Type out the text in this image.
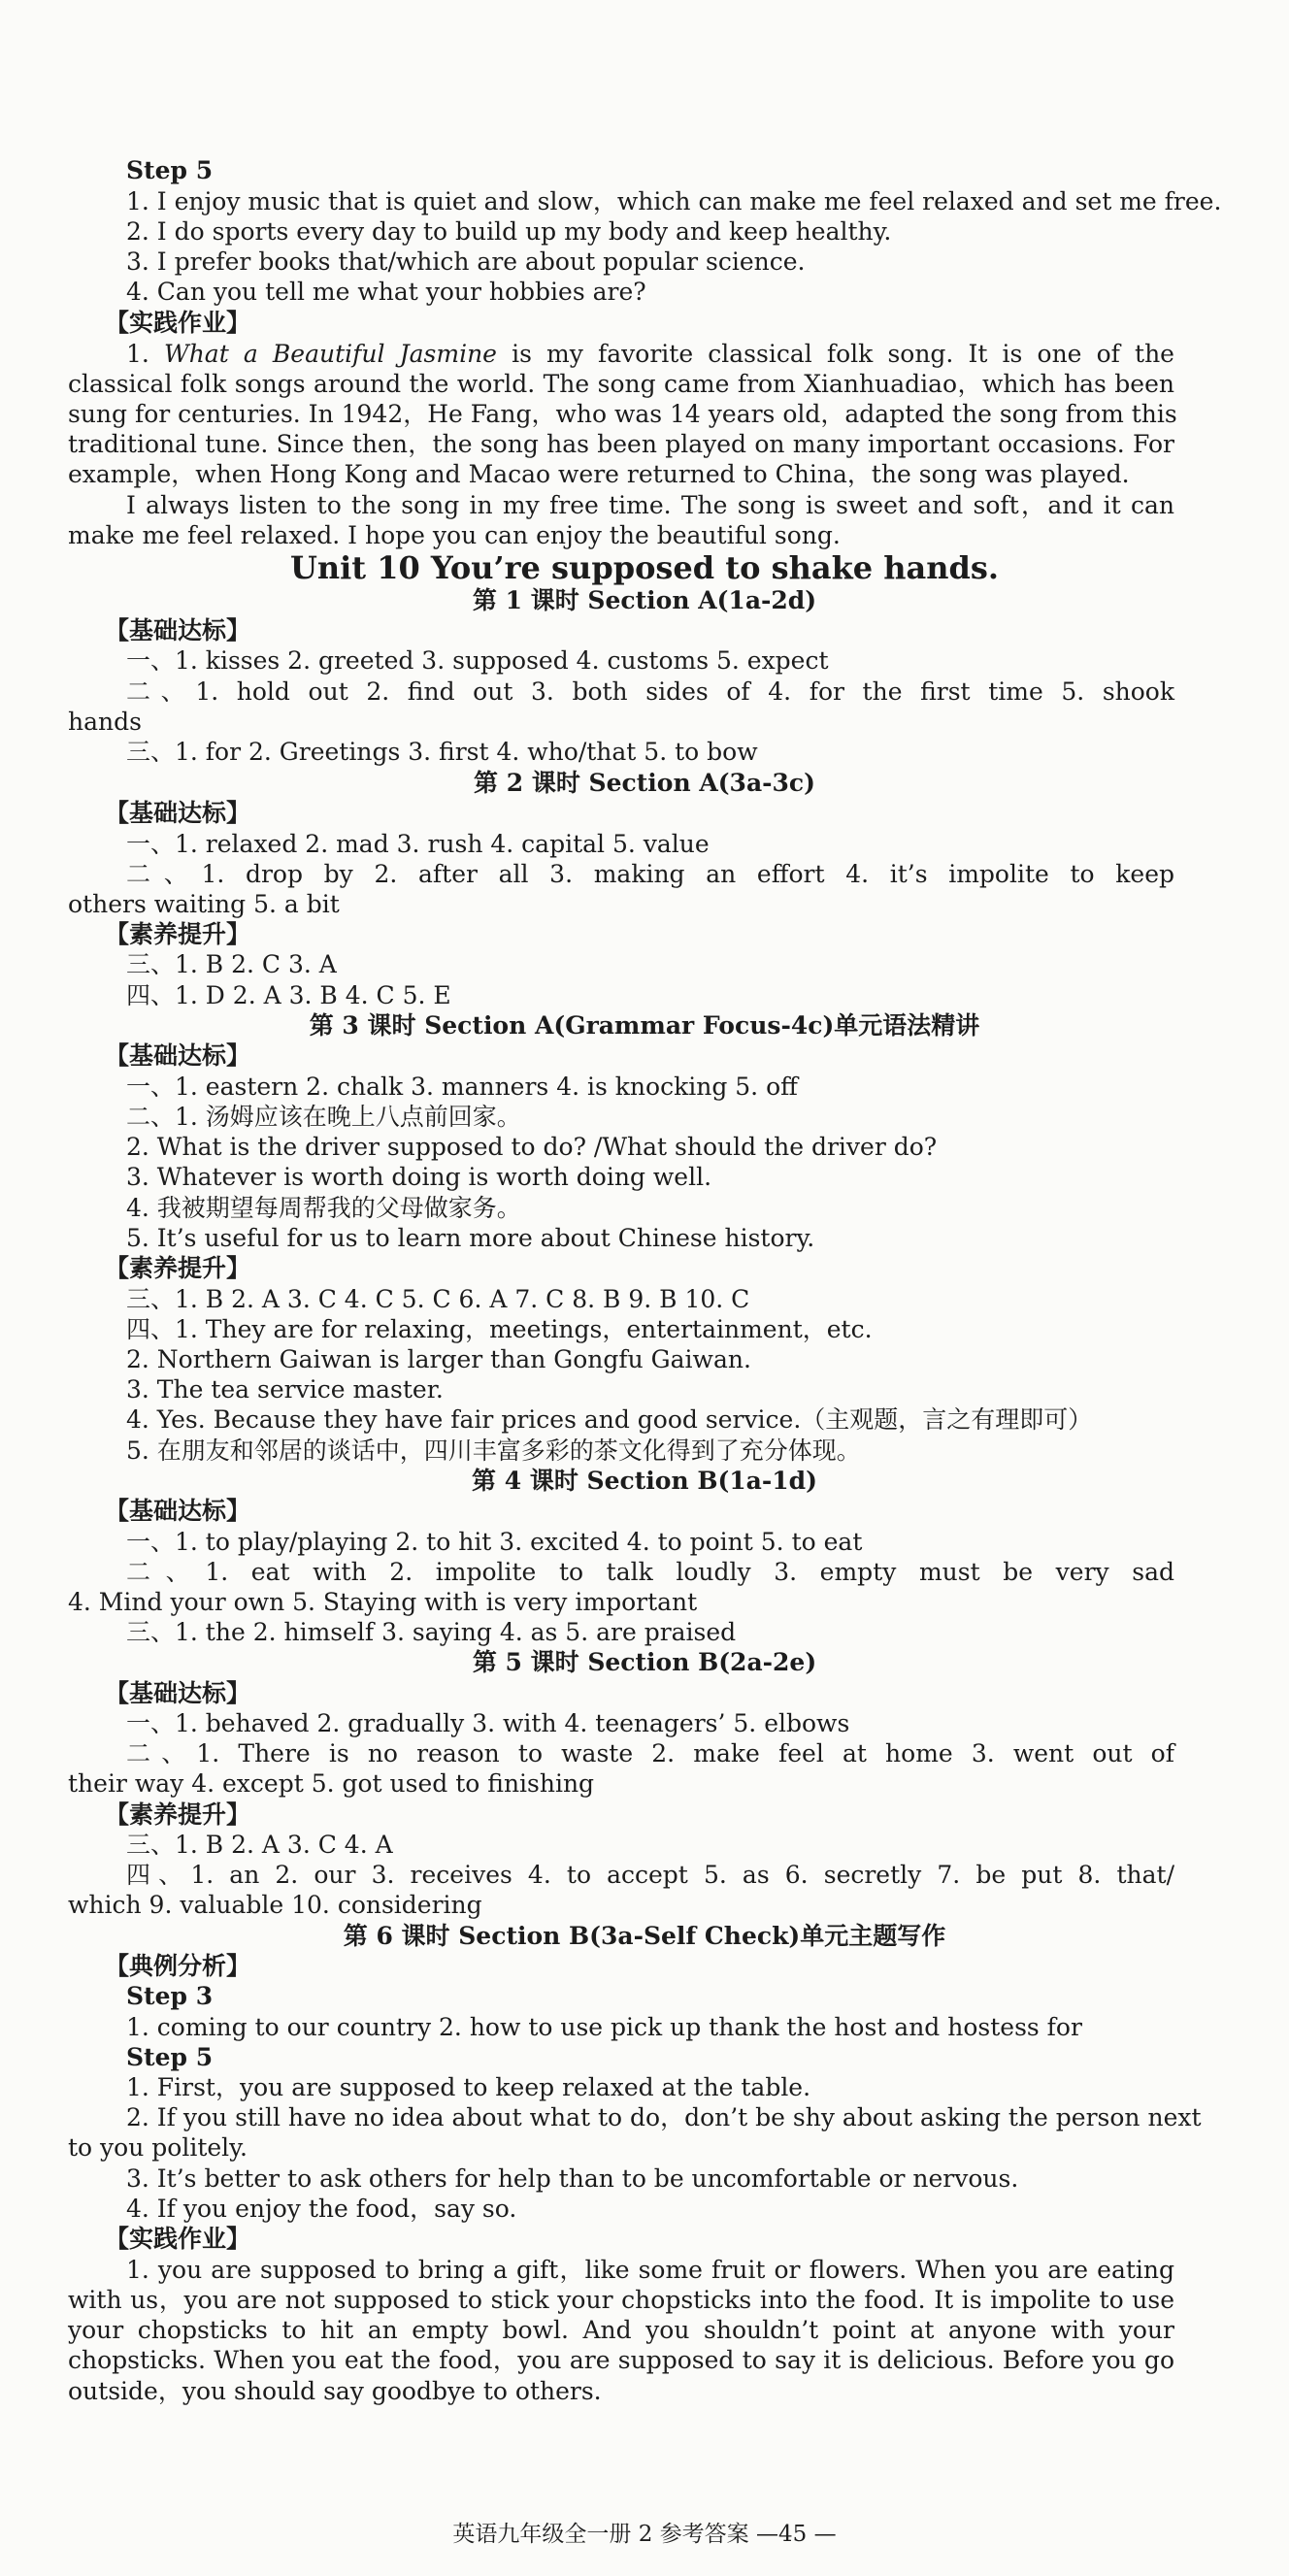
Step 5
1. I enjoy music that is quiet and slow，which can make me feel relaxed and set me free.
2. I do sports every day to build up my body and keep healthy.
3. I prefer books that/which are about popular science.
4. Can you tell me what your hobbies are?
【实践作业】
1. What a Beautiful Jasmine is my favorite classical folk song. It is one of the
classical folk songs around the world. The song came from Xianhuadiao，which has been
sung for centuries. In 1942，He Fang，who was 14 years old，adapted the song from this
traditional tune. Since then，the song has been played on many important occasions. For
example，when Hong Kong and Macao were returned to China，the song was played.
I always listen to the song in my free time. The song is sweet and soft，and it can
make me feel relaxed. I hope you can enjoy the beautiful song.
Unit 10 You’re supposed to shake hands.
第 1 课时 Section A(1a-2d)
【基础达标】
一、1. kisses 2. greeted 3. supposed 4. customs 5. expect
二、1. hold out 2. find out 3. both sides of 4. for the first time 5. shook
hands
三、1. for 2. Greetings 3. first 4. who/that 5. to bow
第 2 课时 Section A(3a-3c)
【基础达标】
一、1. relaxed 2. mad 3. rush 4. capital 5. value
二、1. drop by 2. after all 3. making an effort 4. it’s impolite to keep
others waiting 5. a bit
【素养提升】
三、1. B 2. C 3. A
四、1. D 2. A 3. B 4. C 5. E
第 3 课时 Section A(Grammar Focus-4c)单元语法精讲
【基础达标】
一、1. eastern 2. chalk 3. manners 4. is knocking 5. off
二、1. 汤姆应该在晚上八点前回家。
2. What is the driver supposed to do? /What should the driver do?
3. Whatever is worth doing is worth doing well.
4. 我被期望每周帮我的父母做家务。
5. It’s useful for us to learn more about Chinese history.
【素养提升】
三、1. B 2. A 3. C 4. C 5. C 6. A 7. C 8. B 9. B 10. C
四、1. They are for relaxing，meetings，entertainment，etc.
2. Northern Gaiwan is larger than Gongfu Gaiwan.
3. The tea service master.
4. Yes. Because they have fair prices and good service.（主观题，言之有理即可）
5. 在朋友和邻居的谈话中，四川丰富多彩的茶文化得到了充分体现。
第 4 课时 Section B(1a-1d)
【基础达标】
一、1. to play/playing 2. to hit 3. excited 4. to point 5. to eat
二、1. eat with 2. impolite to talk loudly 3. empty must be very sad
4. Mind your own 5. Staying with is very important
三、1. the 2. himself 3. saying 4. as 5. are praised
第 5 课时 Section B(2a-2e)
【基础达标】
一、1. behaved 2. gradually 3. with 4. teenagers’ 5. elbows
二、1. There is no reason to waste 2. make feel at home 3. went out of
their way 4. except 5. got used to finishing
【素养提升】
三、1. B 2. A 3. C 4. A
四、1. an 2. our 3. receives 4. to accept 5. as 6. secretly 7. be put 8. that/
which 9. valuable 10. considering
第 6 课时 Section B(3a-Self Check)单元主题写作
【典例分析】
Step 3
1. coming to our country 2. how to use pick up thank the host and hostess for
Step 5
1. First，you are supposed to keep relaxed at the table.
2. If you still have no idea about what to do，don’t be shy about asking the person next
to you politely.
3. It’s better to ask others for help than to be uncomfortable or nervous.
4. If you enjoy the food，say so.
【实践作业】
1. you are supposed to bring a gift，like some fruit or flowers. When you are eating
with us，you are not supposed to stick your chopsticks into the food. It is impolite to use
your chopsticks to hit an empty bowl. And you shouldn’t point at anyone with your
chopsticks. When you eat the food，you are supposed to say it is delicious. Before you go
outside，you should say goodbye to others.
英语九年级全一册 2 参考答案 —45 —
